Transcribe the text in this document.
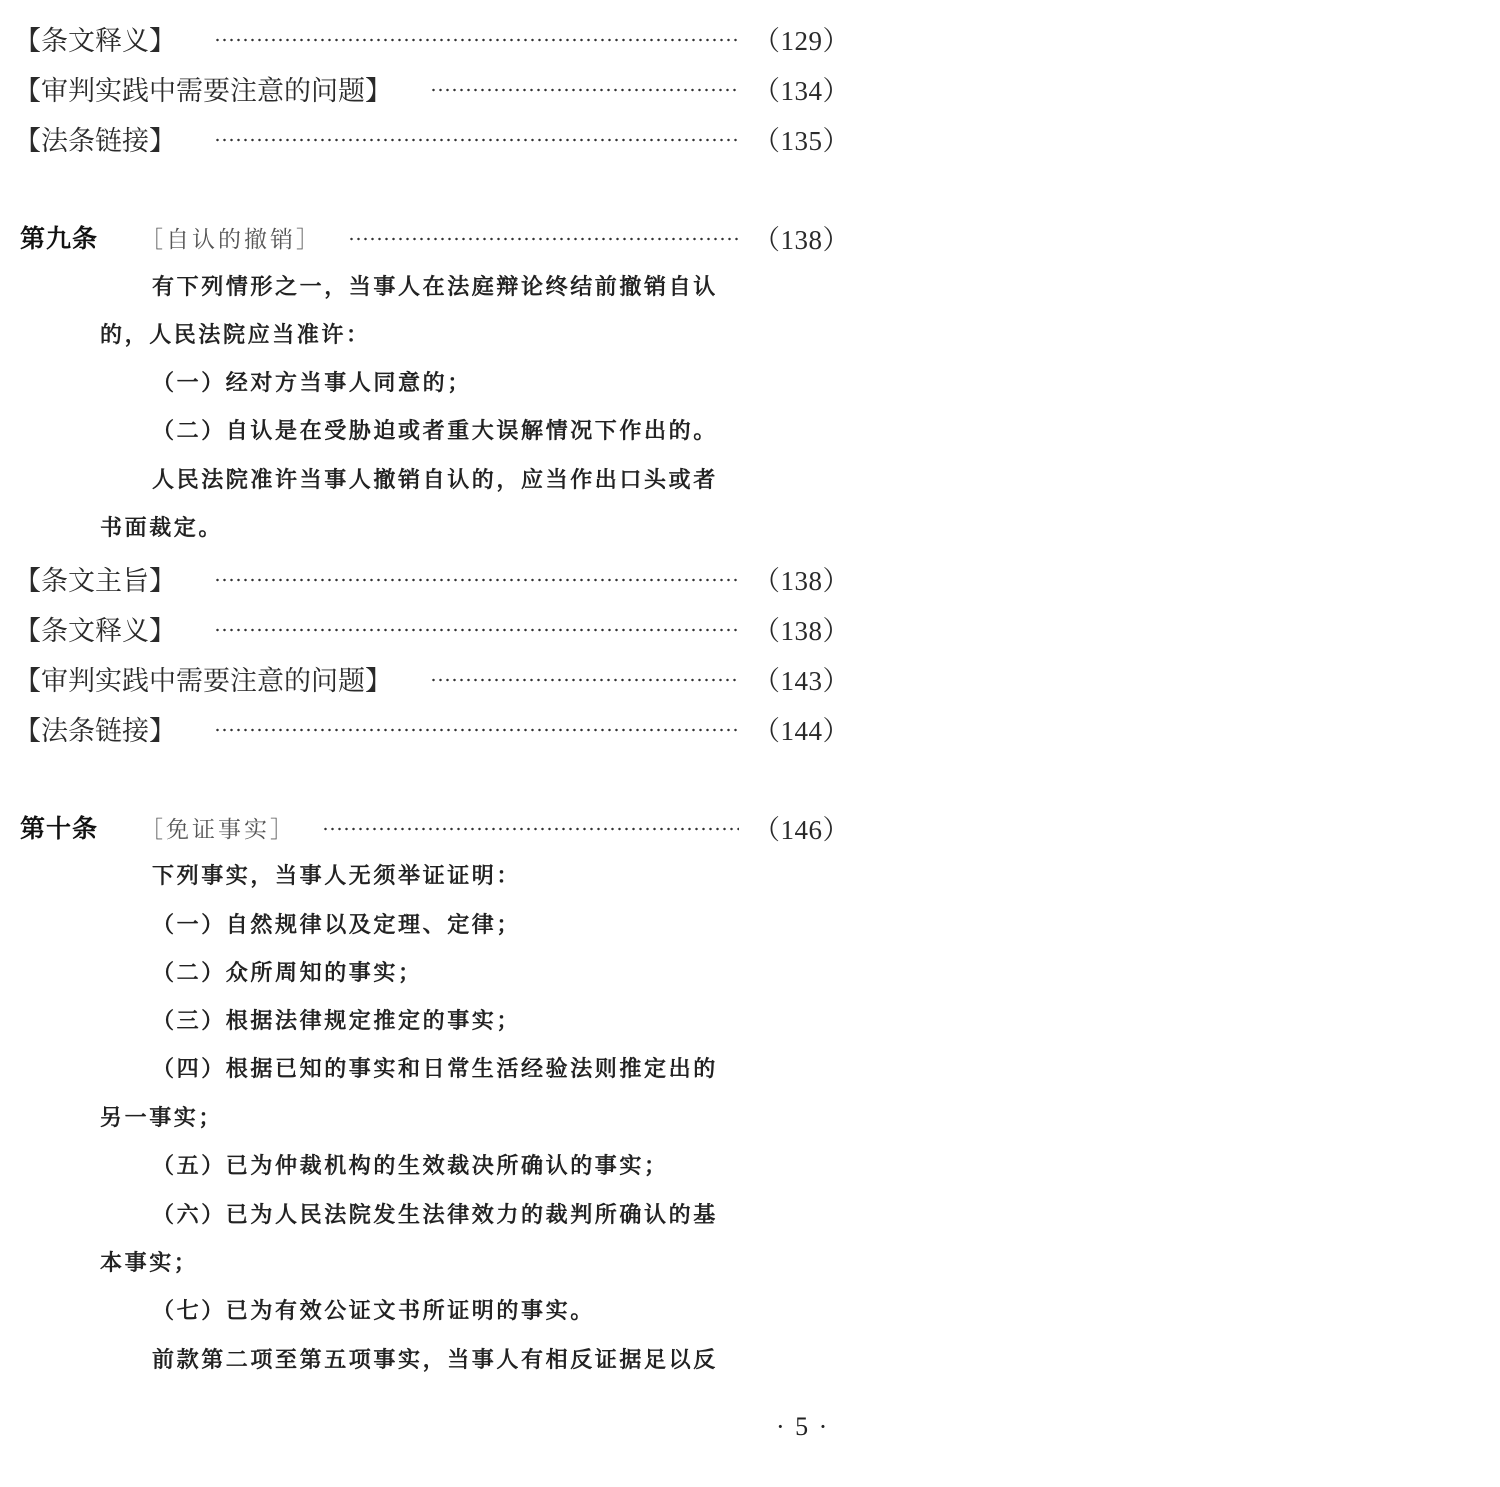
【条文释义】	（129）
【审判实践中需要注意的问题】	（134）
【法条链接】	（135）
第九条 ［自认的撤销］	（138）
有下列情形之一，当事人在法庭辩论终结前撤销自认
的，人民法院应当准许：
（一）经对方当事人同意的；
（二）自认是在受胁迫或者重大误解情况下作出的。
人民法院准许当事人撤销自认的，应当作出口头或者
书面裁定。
【条文主旨】	（138）
【条文释义】	（138）
【审判实践中需要注意的问题】	（143）
【法条链接】	（144）
第十条 ［免证事实］	（146）
下列事实，当事人无须举证证明：
（一）自然规律以及定理、定律；
（二）众所周知的事实；
（三）根据法律规定推定的事实；
（四）根据已知的事实和日常生活经验法则推定出的
另一事实；
（五）已为仲裁机构的生效裁决所确认的事实；
（六）已为人民法院发生法律效力的裁判所确认的基
本事实；
（七）已为有效公证文书所证明的事实。
前款第二项至第五项事实，当事人有相反证据足以反
· 5 ·
